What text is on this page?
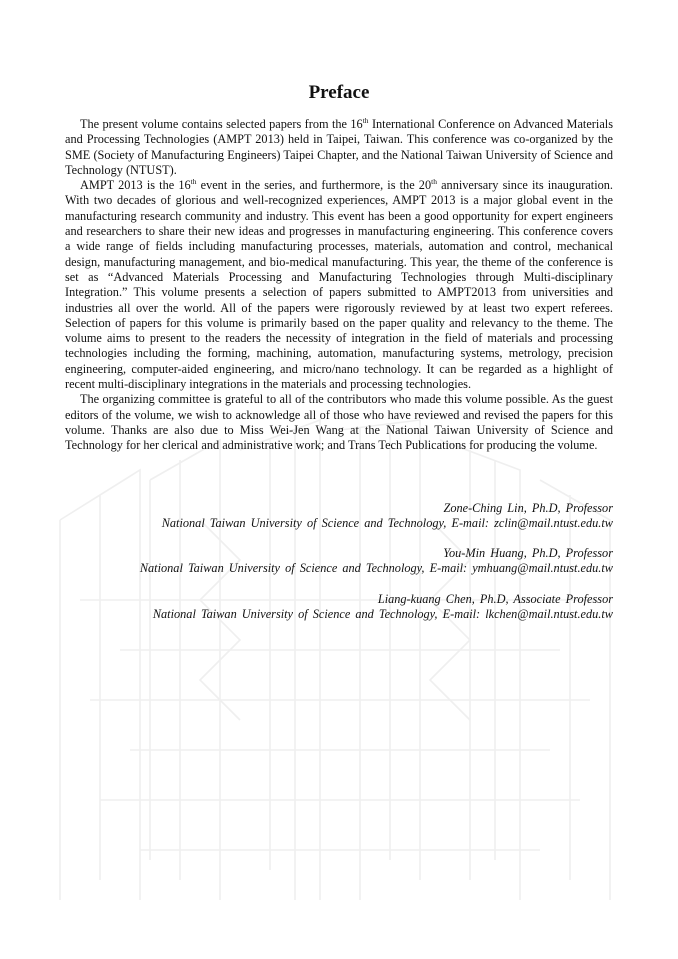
Preface

The present volume contains selected papers from the 16th International Conference on Advanced Materials and Processing Technologies (AMPT 2013) held in Taipei, Taiwan. This conference was co-organized by the SME (Society of Manufacturing Engineers) Taipei Chapter, and the National Taiwan University of Science and Technology (NTUST).

AMPT 2013 is the 16th event in the series, and furthermore, is the 20th anniversary since its inauguration. With two decades of glorious and well-recognized experiences, AMPT 2013 is a major global event in the manufacturing research community and industry. This event has been a good opportunity for expert engineers and researchers to share their new ideas and progresses in manufacturing engineering. This conference covers a wide range of fields including manufacturing processes, materials, automation and control, mechanical design, manufacturing management, and bio-medical manufacturing. This year, the theme of the conference is set as “Advanced Materials Processing and Manufacturing Technologies through Multi-disciplinary Integration.” This volume presents a selection of papers submitted to AMPT2013 from universities and industries all over the world. All of the papers were rigorously reviewed by at least two expert referees. Selection of papers for this volume is primarily based on the paper quality and relevancy to the theme. The volume aims to present to the readers the necessity of integration in the field of materials and processing technologies including the forming, machining, automation, manufacturing systems, metrology, precision engineering, computer-aided engineering, and micro/nano technology. It can be regarded as a highlight of recent multi-disciplinary integrations in the materials and processing technologies.

The organizing committee is grateful to all of the contributors who made this volume possible. As the guest editors of the volume, we wish to acknowledge all of those who have reviewed and revised the papers for this volume. Thanks are also due to Miss Wei-Jen Wang at the National Taiwan University of Science and Technology for her clerical and administrative work; and Trans Tech Publications for producing the volume.

Zone-Ching Lin, Ph.D, Professor
National Taiwan University of Science and Technology, E-mail: zclin@mail.ntust.edu.tw
You-Min Huang, Ph.D, Professor
National Taiwan University of Science and Technology, E-mail: ymhuang@mail.ntust.edu.tw
Liang-kuang Chen, Ph.D, Associate Professor
National Taiwan University of Science and Technology, E-mail: lkchen@mail.ntust.edu.tw
